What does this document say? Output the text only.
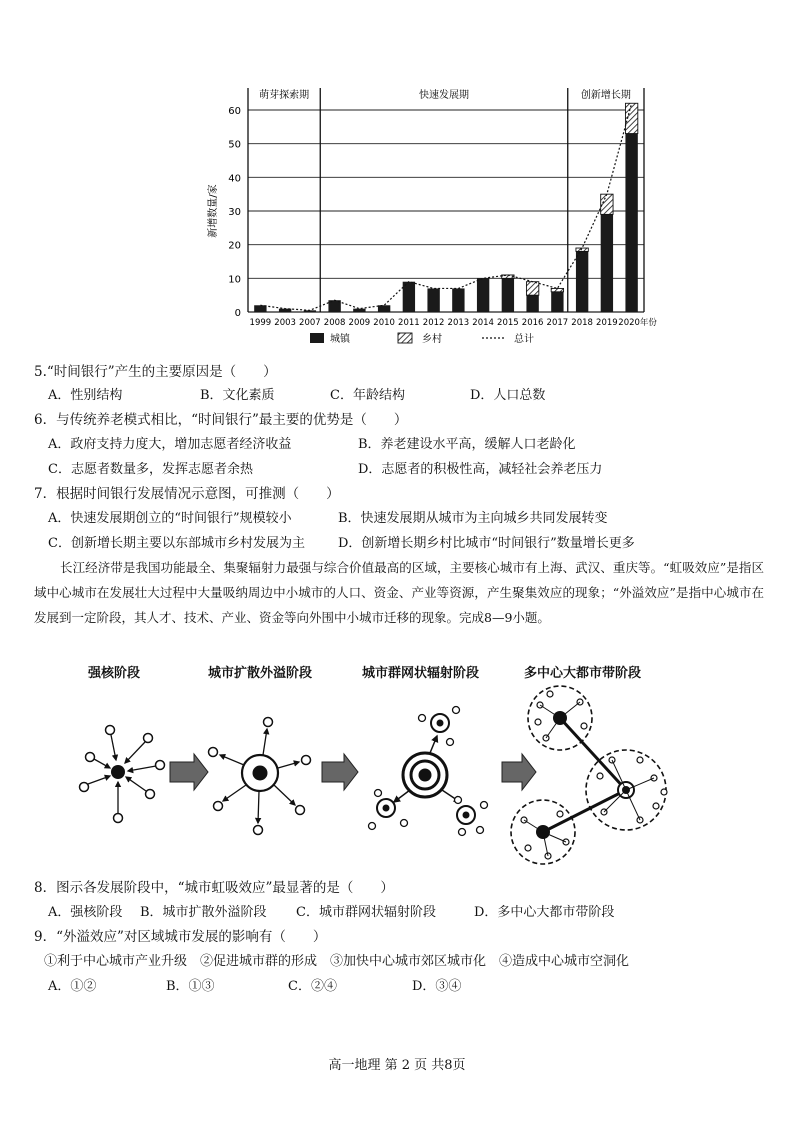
0
10
20
30
40
50
60
新增数量/家
萌芽探索期	快速发展期	创新增长期
1999 2003 2007 2008 2009 2010 2011 2012 2013 2014 2015 2016 2017 2018 2019 2020年份
城镇	乡村	总计
5.“时间银行”产生的主要原因是（　　）
A．性别结构	B．文化素质	C．年龄结构	D．人口总数
6．与传统养老模式相比，“时间银行”最主要的优势是（　　）
A．政府支持力度大，增加志愿者经济收益	B．养老建设水平高，缓解人口老龄化
C．志愿者数量多，发挥志愿者余热	D．志愿者的积极性高，减轻社会养老压力
7．根据时间银行发展情况示意图，可推测（　　）
A．快速发展期创立的“时间银行”规模较小	B．快速发展期从城市为主向城乡共同发展转变
C．创新增长期主要以东部城市乡村发展为主	D．创新增长期乡村比城市“时间银行”数量增长更多
长江经济带是我国功能最全、集聚辐射力最强与综合价值最高的区域，主要核心城市有上海、武汉、重庆等。“虹吸效应”是指区域中心城市在发展壮大过程中大量吸纳周边中小城市的人口、资金、产业等资源，产生聚集效应的现象；“外溢效应”是指中心城市在发展到一定阶段，其人才、技术、产业、资金等向外围中小城市迁移的现象。完成8—9小题。
强核阶段	城市扩散外溢阶段	城市群网状辐射阶段	多中心大都市带阶段
8．图示各发展阶段中，“城市虹吸效应”最显著的是（　　）
A．强核阶段 B．城市扩散外溢阶段 C．城市群网状辐射阶段	D．多中心大都市带阶段
9．“外溢效应”对区域城市发展的影响有（　　）
①利于中心城市产业升级　②促进城市群的形成　③加快中心城市郊区城市化　④造成中心城市空洞化
A．①②	B．①③	C．②④	D．③④
高一地理 第 2 页 共8页
